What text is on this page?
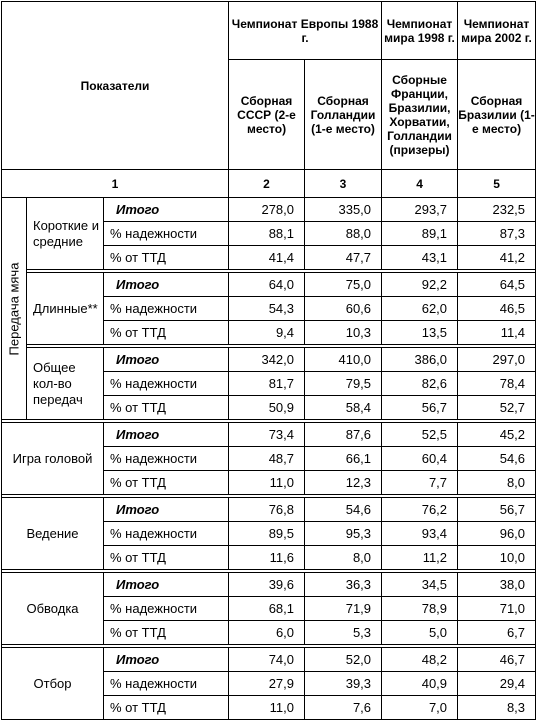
Показатели			Чемпионат Европы 1988 г.		Чемпионат мира 1998 г.	Чемпионат мира 2002 г.
			Сборная СССР (2-е место)	Сборная Голландии (1-е место)	Сборные Франции, Бразилии, Хорватии, Голландии (призеры)	Сборная Бразилии (1-е место)
1			2	3	4	5

Передача мяча	Короткие и средние	Итого	278,0	335,0	293,7	232,5
		% надежности	88,1	88,0	89,1	87,3
		% от ТТД	41,4	47,7	43,1	41,2

	Длинные**	Итого	64,0	75,0	92,2	64,5
		% надежности	54,3	60,6	62,0	46,5
		% от ТТД	9,4	10,3	13,5	11,4

	Общее кол-во передач	Итого	342,0	410,0	386,0	297,0
		% надежности	81,7	79,5	82,6	78,4
		% от ТТД	50,9	58,4	56,7	52,7

Игра головой		Итого	73,4	87,6	52,5	45,2
		% надежности	48,7	66,1	60,4	54,6
		% от ТТД	11,0	12,3	7,7	8,0

Ведение		Итого	76,8	54,6	76,2	56,7
		% надежности	89,5	95,3	93,4	96,0
		% от ТТД	11,6	8,0	11,2	10,0

Обводка		Итого	39,6	36,3	34,5	38,0
		% надежности	68,1	71,9	78,9	71,0
		% от ТТД	6,0	5,3	5,0	6,7

Отбор		Итого	74,0	52,0	48,2	46,7
		% надежности	27,9	39,3	40,9	29,4
		% от ТТД	11,0	7,6	7,0	8,3
